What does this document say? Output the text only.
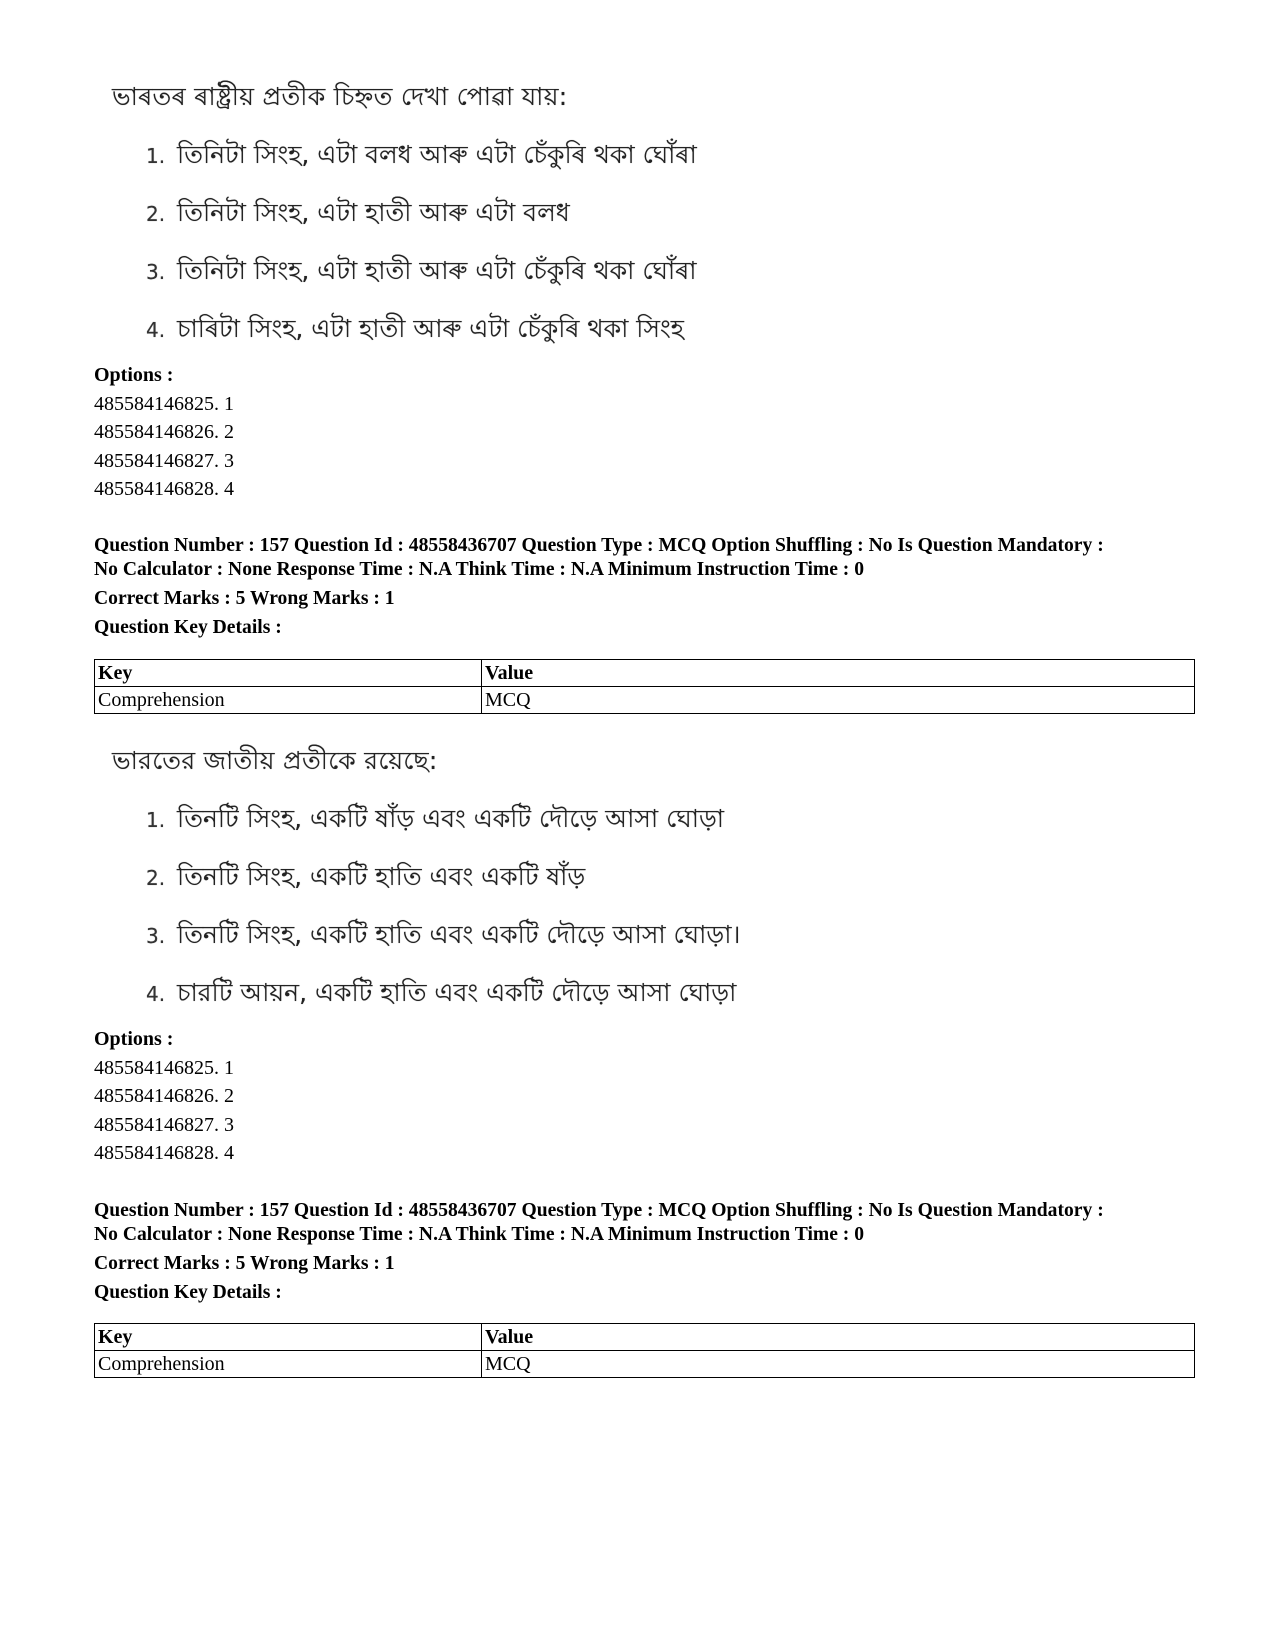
ভাৰতৰ ৰাষ্ট্ৰীয় প্ৰতীক চিহ্নত দেখা পোৱা যায়:
1. তিনিটা সিংহ, এটা বলধ আৰু এটা চেঁকুৰি থকা ঘোঁৰা
2. তিনিটা সিংহ, এটা হাতী আৰু এটা বলধ
3. তিনিটা সিংহ, এটা হাতী আৰু এটা চেঁকুৰি থকা ঘোঁৰা
4. চাৰিটা সিংহ, এটা হাতী আৰু এটা চেঁকুৰি থকা সিংহ
Options :
485584146825. 1
485584146826. 2
485584146827. 3
485584146828. 4
Question Number : 157 Question Id : 48558436707 Question Type : MCQ Option Shuffling : No Is Question Mandatory :
No Calculator : None Response Time : N.A Think Time : N.A Minimum Instruction Time : 0
Correct Marks : 5 Wrong Marks : 1
Question Key Details :
Key	Value
Comprehension	MCQ
ভারতের জাতীয় প্রতীকে রয়েছে:
1. তিনটি সিংহ, একটি ষাঁড় এবং একটি দৌড়ে আসা ঘোড়া
2. তিনটি সিংহ, একটি হাতি এবং একটি ষাঁড়
3. তিনটি সিংহ, একটি হাতি এবং একটি দৌড়ে আসা ঘোড়া।
4. চারটি আয়ন, একটি হাতি এবং একটি দৌড়ে আসা ঘোড়া
Options :
485584146825. 1
485584146826. 2
485584146827. 3
485584146828. 4
Question Number : 157 Question Id : 48558436707 Question Type : MCQ Option Shuffling : No Is Question Mandatory :
No Calculator : None Response Time : N.A Think Time : N.A Minimum Instruction Time : 0
Correct Marks : 5 Wrong Marks : 1
Question Key Details :
Key	Value
Comprehension	MCQ
